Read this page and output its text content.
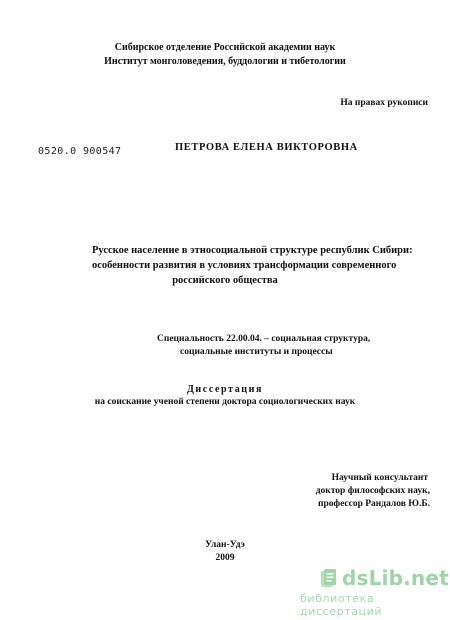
Сибирское отделение Российской академии наук
Институт монголоведения, буддологии и тибетологии
На правах рукописи
0520.0 900547	ПЕТРОВА ЕЛЕНА ВИКТОРОВНА
Русское население в этносоциальной структуре республик Сибири:
особенности развития в условиях трансформации современного
российского общества
Специальность 22.00.04. – социальная структура,
социальные институты и процессы
Диссертация
на соискание ученой степени доктора социологических наук
Научный консультант
доктор философских наук,
профессор Рандалов Ю.Б.
Улан-Удэ
2009
dsLib.net
библиотека диссертаций
